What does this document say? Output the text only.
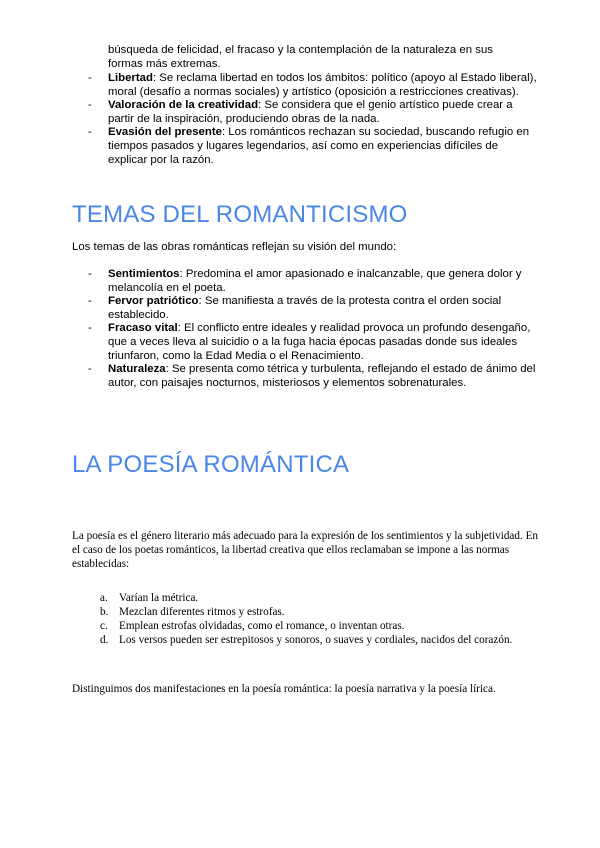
búsqueda de felicidad, el fracaso y la contemplación de la naturaleza en sus formas más extremas.
- Libertad: Se reclama libertad en todos los ámbitos: político (apoyo al Estado liberal), moral (desafío a normas sociales) y artístico (oposición a restricciones creativas).
- Valoración de la creatividad: Se considera que el genio artístico puede crear a partir de la inspiración, produciendo obras de la nada.
- Evasión del presente: Los románticos rechazan su sociedad, buscando refugio en tiempos pasados y lugares legendarios, así como en experiencias difíciles de explicar por la razón.
TEMAS DEL ROMANTICISMO
Los temas de las obras románticas reflejan su visión del mundo:
- Sentimientos: Predomina el amor apasionado e inalcanzable, que genera dolor y melancolía en el poeta.
- Fervor patriótico: Se manifiesta a través de la protesta contra el orden social establecido.
- Fracaso vital: El conflicto entre ideales y realidad provoca un profundo desengaño, que a veces lleva al suicidio o a la fuga hacia épocas pasadas donde sus ideales triunfaron, como la Edad Media o el Renacimiento.
- Naturaleza: Se presenta como tétrica y turbulenta, reflejando el estado de ánimo del autor, con paisajes nocturnos, misteriosos y elementos sobrenaturales.
LA POESÍA ROMÁNTICA
La poesía es el género literario más adecuado para la expresión de los sentimientos y la subjetividad. En el caso de los poetas románticos, la libertad creativa que ellos reclamaban se impone a las normas establecidas:
a. Varían la métrica.
b. Mezclan diferentes ritmos y estrofas.
c. Emplean estrofas olvidadas, como el romance, o inventan otras.
d. Los versos pueden ser estrepitosos y sonoros, o suaves y cordiales, nacidos del corazón.
Distinguimos dos manifestaciones en la poesía romántica: la poesía narrativa y la poesía lírica.
